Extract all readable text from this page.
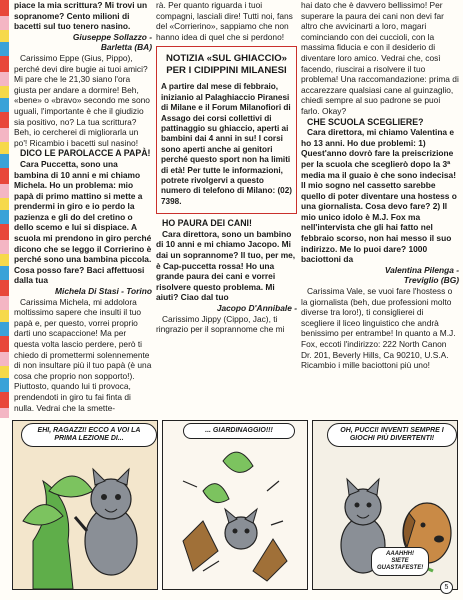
piace la mia scrittura? Mi trovi un sopranome? Cento milioni di bacetti sul tuo tenero nasino.

Giuseppe Sollazzo -

Barletta (BA)

Carissimo Eppe (Gius, Pippo), perché devi dire bugie ai tuoi amici? Mi pare che le 21,30 siano l'ora giusta per andare a dormire! Beh, «bene» o «bravo» secondo me sono uguali, l'importante è che il giudizio sia positivo, no? La tua scrittura? Beh, io cercherei di migliorarla un po'! Ricambio i bacetti sul nasino!

DICO LE PAROLACCE A PAPÀ!

Cara Puccetta, sono una bambina di 10 anni e mi chiamo Michela. Ho un problema: mio papà di primo mattino si mette a prendermi in giro e io perdo la pazienza e gli do del cretino o dello scemo e lui si dispiace. A scuola mi prendono in giro perché dicono che se leggo il Corrierino è perché sono una bambina piccola. Cosa posso fare? Baci affettuosi dalla tua

Michela Di Stasi - Torino

Carissima Michela, mi addolora moltissimo sapere che insulti il tuo papà e, per questo, vorrei proprio darti uno scapaccione! Ma per questa volta lascio perdere, però ti chiedo di promettermi solennemente di non insultare più il tuo papà (è una cosa che proprio non sopporto!). Piuttosto, quando lui ti provoca, prendendoti in giro tu fai finta di nulla. Vedrai che la smette-

rà. Per quanto riguarda i tuoi compagni, lasciali dire! Tutti noi, fans del «Corrierino», sappiamo che non hanno idea di quel che si perdono!

NOTIZIA «SUL GHIACCIO» PER I CIDIPPINI MILANESI
A partire dal mese di febbraio, inizianio al Palaghiaccio Piranesi di Milane e il Forum Milanofiori di Assago dei corsi collettivi di pattinaggio su ghiaccio, aperti ai bambini dai 4 anni in su! I corsi sono aperti anche ai genitori perché questo sport non ha limiti di età! Per tutte le informazioni, potrete rivolgervi a questo numero di telefono di Milano: (02) 7398.

HO PAURA DEI CANI!

Cara direttora, sono un bambino di 10 anni e mi chiamo Jacopo. Mi dai un soprannome? Il tuo, per me, è Cap-puccetta rossa! Ho una grande paura dei cani e vorrei risolvere questo problema. Mi aiuti? Ciao dal tuo

Jacopo D'Annibale -

Carissimo Jippy (Cippo, Jac), ti ringrazio per il soprannome che mi

hai dato che è davvero bellissimo! Per superare la paura dei cani non devi far altro che avvicinarti a loro, magari cominciando con dei cuccioli, con la massima fiducia e con il desiderio di diventare loro amico. Vedrai che, così facendo, riuscirai a risolvere il tuo problema! Una raccomandazione: prima di accarezzare qualsiasi cane al guinzaglio, chiedi sempre al suo padrone se puoi farlo. Okay?

CHE SCUOLA SCEGLIERE?

Cara direttora, mi chiamo Valentina e ho 13 anni. Ho due problemi: 1) Quest'anno dovrò fare la preiscrizione per la scuola che sceglierò dopo la 3ª media ma il guaio è che sono indecisa! Il mio sogno nel cassetto sarebbe quello di poter diventare una hostess o una giornalista. Cosa devo fare? 2) Il mio unico idolo è M.J. Fox ma nell'intervista che gli hai fatto nel febbraio scorso, non hai messo il suo indirizzo. Me lo puoi dare? 1000 baciottoni da

Valentina Pilenga -

Treviglio (BG)

Carissima Vale, se vuoi fare l'hostess o la giornalista (beh, due professioni molto diverse tra loro!), ti consiglierei di scegliere il liceo linguistico che andrà benissimo per entrambe! In quanto a M.J. Fox, eccoti l'indirizzo: 222 North Canon Dr. 201, Beverly Hills, Ca 90210, U.S.A. Ricambio i mille baciottoni più uno!

EHI, RAGAZZI! ECCO A VOI LA PRIMA LEZIONE DI...
... GIARDINAGGIO!!!	OH, PUCCI! INVENTI SEMPRE I GIOCHI PIÙ DIVERTENTI!
AAAHHH! SIETE GUASTAFESTE!
5
